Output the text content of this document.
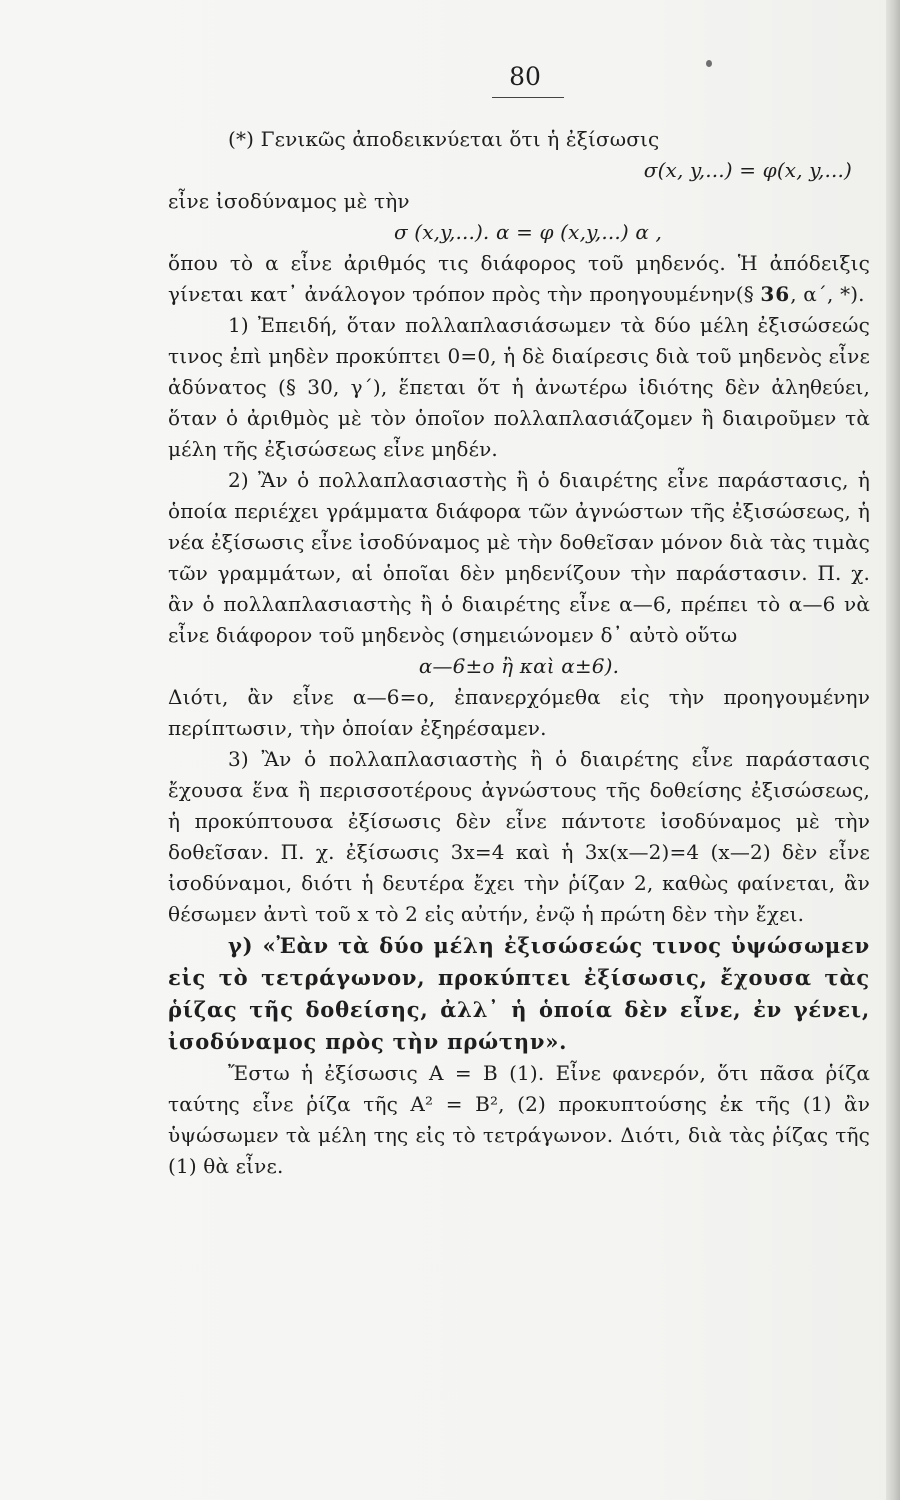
80

(*) Γενικῶς ἀποδεικνύεται ὅτι ἡ ἐξίσωσις

σ(x, y,...) = φ(x, y,...)

εἶνε ἰσοδύναμος μὲ τὴν

σ (x,y,...). α = φ (x,y,...) α ,

ὅπου τὸ α εἶνε ἀριθμός τις διάφορος τοῦ μηδενός. Ἡ ἀπόδειξις γίνεται κατ᾽ ἀνάλογον τρόπον πρὸς τὴν προηγουμένην(§ 36, α΄, *).

1) Ἐπειδή, ὅταν πολλαπλασιάσωμεν τὰ δύο μέλη ἐξισώσεώς τινος ἐπὶ μηδὲν προκύπτει 0=0, ἡ δὲ διαίρεσις διὰ τοῦ μηδενὸς εἶνε ἀδύνατος (§ 30, γ΄), ἕπεται ὅτ ἡ ἀνωτέρω ἰδιότης δὲν ἀληθεύει, ὅταν ὁ ἀριθμὸς μὲ τὸν ὁποῖον πολλαπλασιάζομεν ἢ διαιροῦμεν τὰ μέλη τῆς ἐξισώσεως εἶνε μηδέν.

2) Ἂν ὁ πολλαπλασιαστὴς ἢ ὁ διαιρέτης εἶνε παράστασις, ἡ ὁποία περιέχει γράμματα διάφορα τῶν ἀγνώστων τῆς ἐξισώσεως, ἡ νέα ἐξίσωσις εἶνε ἰσοδύναμος μὲ τὴν δοθεῖσαν μόνον διὰ τὰς τιμὰς τῶν γραμμάτων, αἱ ὁποῖαι δὲν μηδενίζουν τὴν παράστασιν. Π. χ. ἂν ὁ πολλαπλασιαστὴς ἢ ὁ διαιρέτης εἶνε α—6, πρέπει τὸ α—6 νὰ εἶνε διάφορον τοῦ μηδενὸς (σημειώνομεν δ᾽ αὐτὸ οὕτω

α—6±ο ἢ καὶ α±6).

Διότι, ἂν εἶνε α—6=ο, ἐπανερχόμεθα εἰς τὴν προηγουμένην περίπτωσιν, τὴν ὁποίαν ἐξηρέσαμεν.

3) Ἂν ὁ πολλαπλασιαστὴς ἢ ὁ διαιρέτης εἶνε παράστασις ἔχουσα ἕνα ἢ περισσοτέρους ἀγνώστους τῆς δοθείσης ἐξισώσεως, ἡ προκύπτουσα ἐξίσωσις δὲν εἶνε πάντοτε ἰσοδύναμος μὲ τὴν δοθεῖσαν. Π. χ. ἐξίσωσις 3x=4 καὶ ἡ 3x(x—2)=4 (x—2) δὲν εἶνε ἰσοδύναμοι, διότι ἡ δευτέρα ἔχει τὴν ῥίζαν 2, καθὼς φαίνεται, ἂν θέσωμεν ἀντὶ τοῦ x τὸ 2 εἰς αὐτήν, ἐνῷ ἡ πρώτη δὲν τὴν ἔχει.

γ) «Ἐὰν τὰ δύο μέλη ἐξισώσεώς τινος ὑψώσωμεν εἰς τὸ τετράγωνον, προκύπτει ἐξίσωσις, ἔχουσα τὰς ῥίζας τῆς δοθείσης, ἀλλ᾽ ἡ ὁποία δὲν εἶνε, ἐν γένει, ἰσοδύναμος πρὸς τὴν πρώτην».

Ἔστω ἡ ἐξίσωσις A = B (1). Εἶνε φανερόν, ὅτι πᾶσα ῥίζα ταύτης εἶνε ῥίζα τῆς A² = B², (2) προκυπτούσης ἐκ τῆς (1) ἂν ὑψώσωμεν τὰ μέλη της εἰς τὸ τετράγωνον. Διότι, διὰ τὰς ῥίζας τῆς (1) θὰ εἶνε.
